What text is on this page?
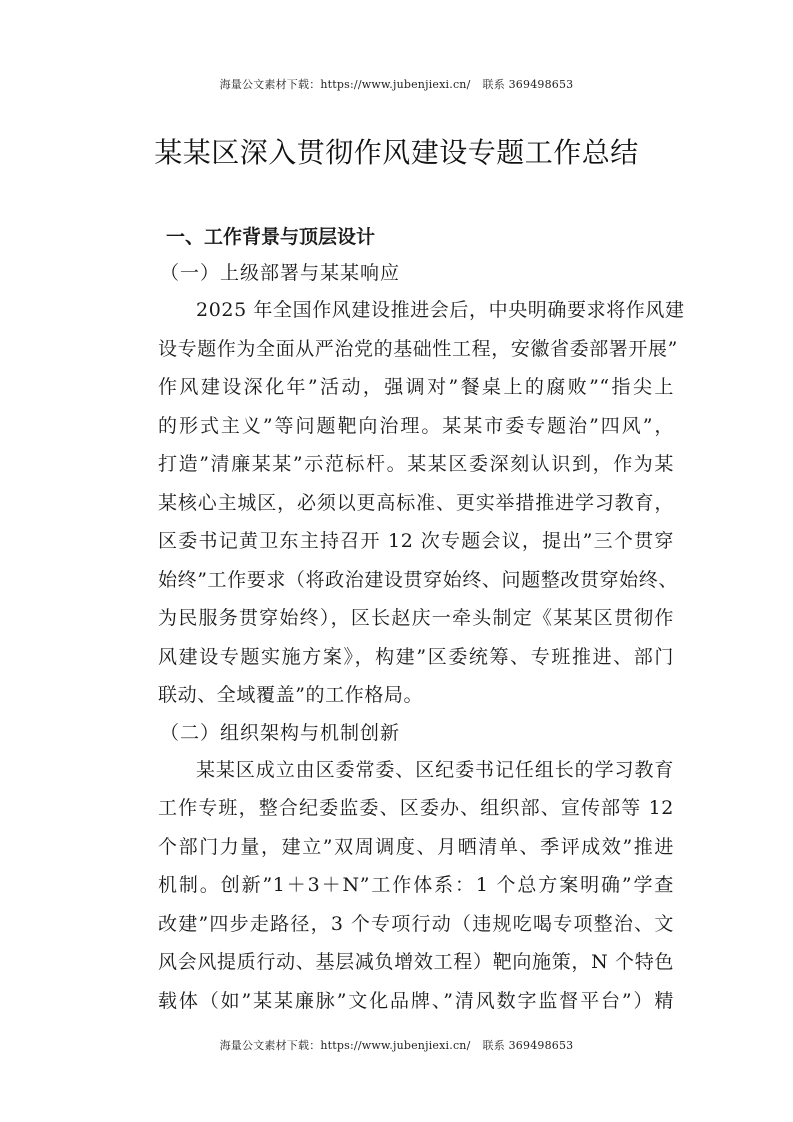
海量公文素材下载：https://www.jubenjiexi.cn/ 联系 369498653
某某区深入贯彻作风建设专题工作总结
一、工作背景与顶层设计
（一）上级部署与某某响应
2025 年全国作风建设推进会后，中央明确要求将作风建
设专题作为全面从严治党的基础性工程，安徽省委部署开展”
作风建设深化年”活动，强调对”餐桌上的腐败”“指尖上
的形式主义”等问题靶向治理。某某市委专题治”四风”，
打造”清廉某某”示范标杆。某某区委深刻认识到，作为某
某核心主城区，必须以更高标准、更实举措推进学习教育，
区委书记黄卫东主持召开 12 次专题会议，提出”三个贯穿
始终”工作要求（将政治建设贯穿始终、问题整改贯穿始终、
为民服务贯穿始终），区长赵庆一牵头制定《某某区贯彻作
风建设专题实施方案》，构建”区委统筹、专班推进、部门
联动、全域覆盖”的工作格局。
（二）组织架构与机制创新
某某区成立由区委常委、区纪委书记任组长的学习教育
工作专班，整合纪委监委、区委办、组织部、宣传部等 12
个部门力量，建立”双周调度、月晒清单、季评成效”推进
机制。创新”1＋3＋N”工作体系：1 个总方案明确”学查
改建”四步走路径，3 个专项行动（违规吃喝专项整治、文
风会风提质行动、基层减负增效工程）靶向施策，N 个特色
载体（如”某某廉脉”文化品牌、”清风数字监督平台”）精
海量公文素材下载：https://www.jubenjiexi.cn/ 联系 369498653
